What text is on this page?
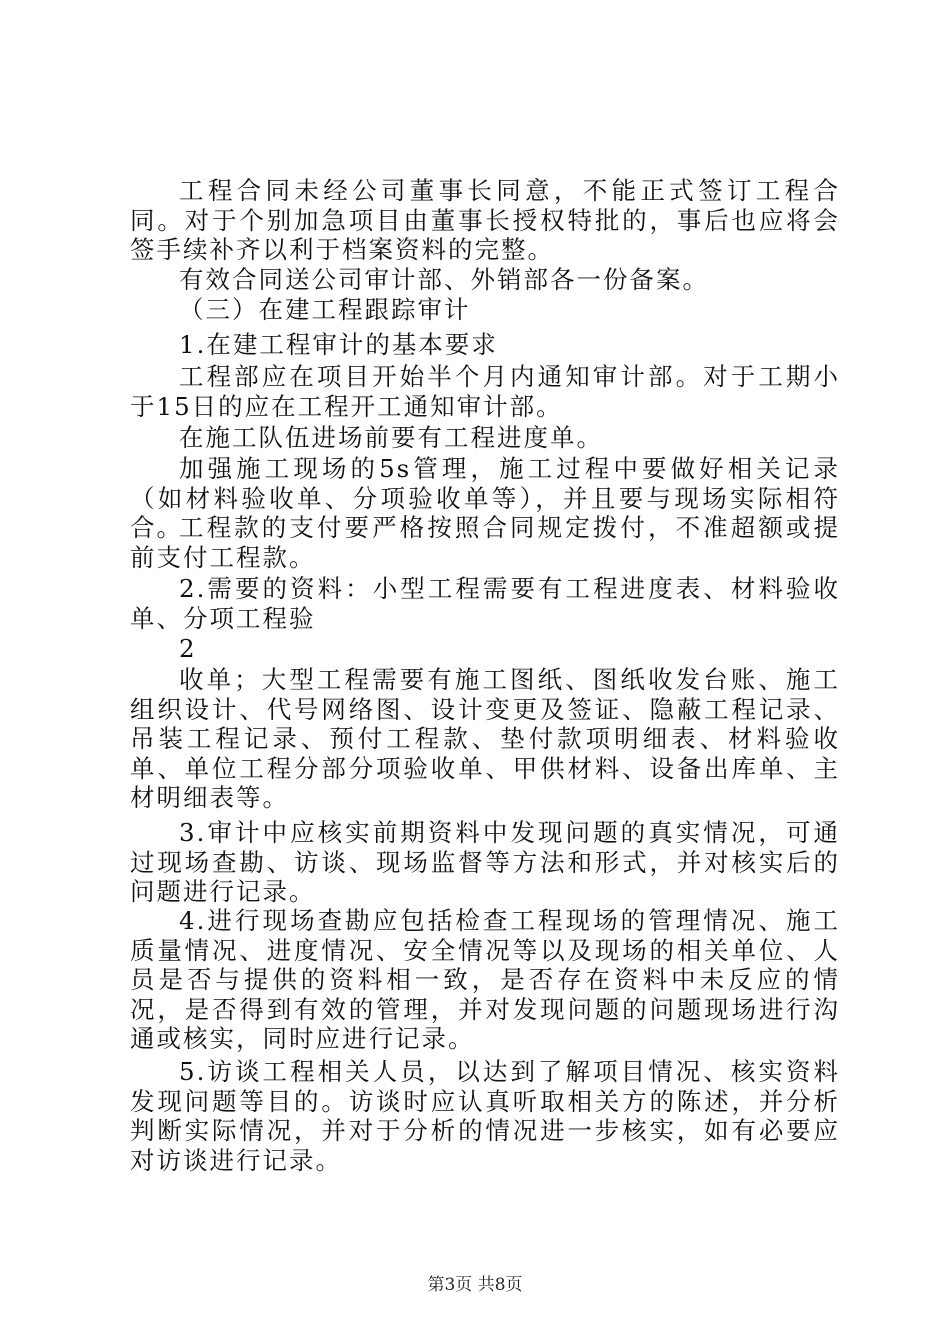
工程合同未经公司董事长同意，不能正式签订工程合同。对于个别加急项目由董事长授权特批的，事后也应将会签手续补齐以利于档案资料的完整。

有效合同送公司审计部、外销部各一份备案。

（三）在建工程跟踪审计

1.在建工程审计的基本要求

工程部应在项目开始半个月内通知审计部。对于工期小于15日的应在工程开工通知审计部。

在施工队伍进场前要有工程进度单。

加强施工现场的5s管理，施工过程中要做好相关记录（如材料验收单、分项验收单等），并且要与现场实际相符合。

工程款的支付要严格按照合同规定拨付，不准超额或提前支付工程款。

2.需要的资料：小型工程需要有工程进度表、材料验收单、分项工程验

2

收单；大型工程需要有施工图纸、图纸收发台账、施工组织设计、代号网络图、设计变更及签证、隐蔽工程记录、吊装工程记录、预付工程款、垫付款项明细表、材料验收单、单位工程分部分项验收单、甲供材料、设备出库单、主材明细表等。

3.审计中应核实前期资料中发现问题的真实情况，可通过现场查勘、访谈、现场监督等方法和形式，并对核实后的问题进行记录。

4.进行现场查勘应包括检查工程现场的管理情况、施工质量情况、进度情况、安全情况等以及现场的相关单位、人员是否与提供的资料相一致，是否存在资料中未反应的情况，是否得到有效的管理，并对发现问题的问题现场进行沟通或核实，同时应进行记录。

5.访谈工程相关人员，以达到了解项目情况、核实资料发现问题等目的。访谈时应认真听取相关方的陈述，并分析判断实际情况，并对于分析的情况进一步核实，如有必要应对访谈进行记录。

第3页 共8页
